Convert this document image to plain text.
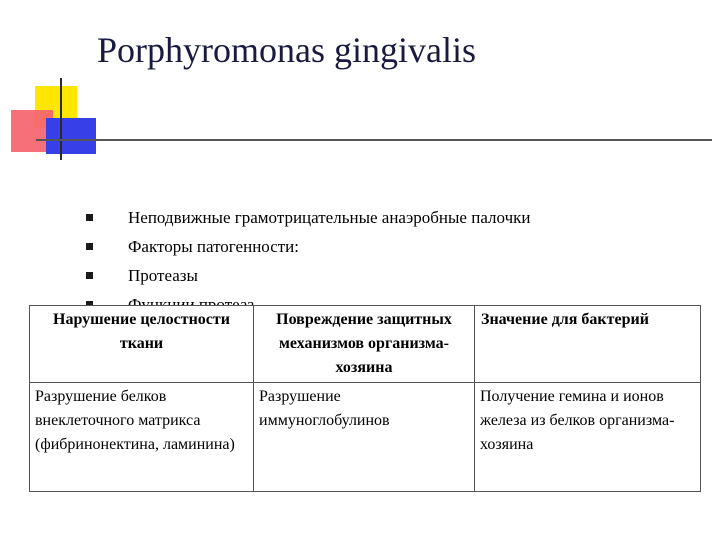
Porphyromonas gingivalis
Неподвижные грамотрицательные анаэробные палочки
Факторы патогенности:
Протеазы
Нарушение целостности ткани	Повреждение защитных механизмов организма-хозяина	Значение для бактерий
Разрушение белков внеклеточного матрикса (фибринонектина, ламинина)	Разрушение иммуноглобулинов	Получение гемина и ионов железа из белков организма-хозяина
